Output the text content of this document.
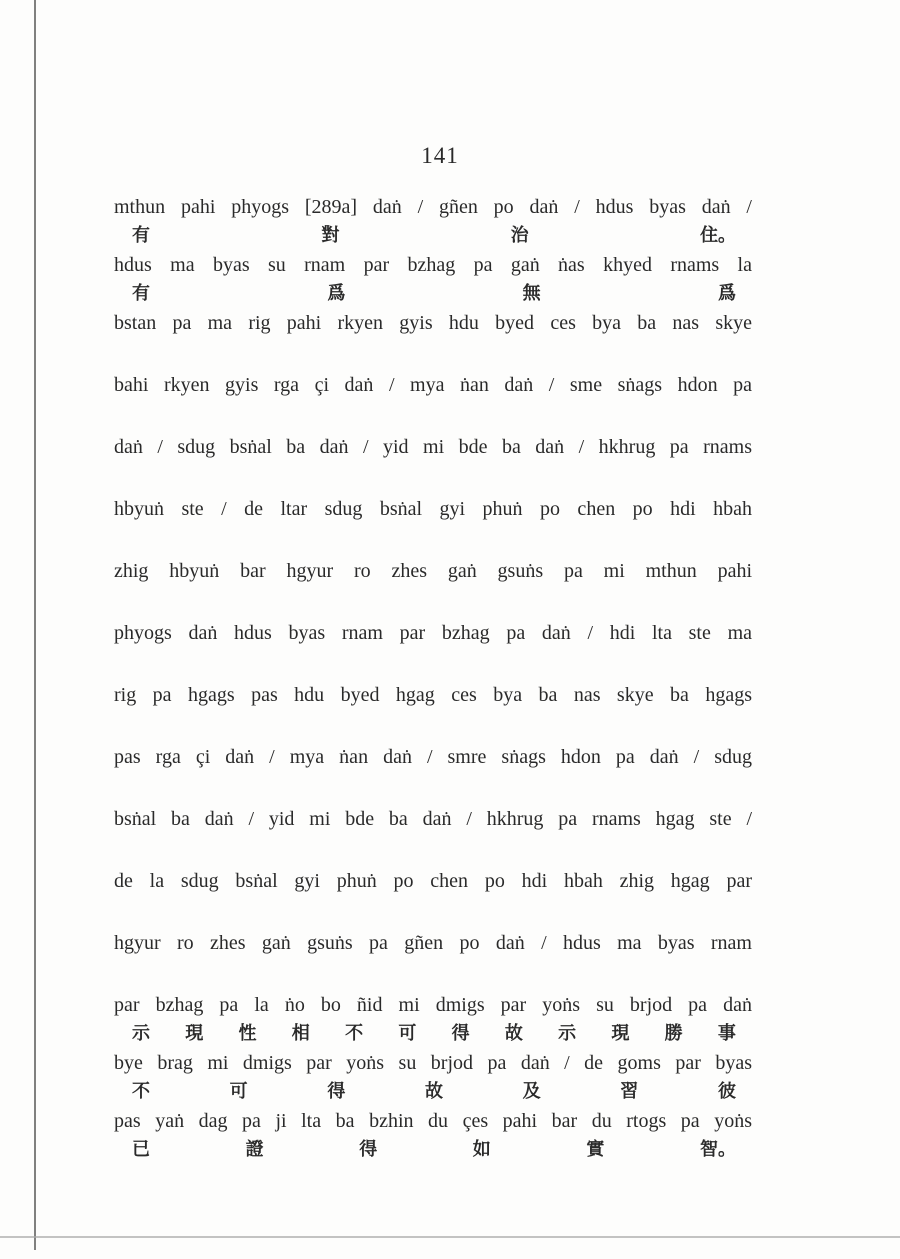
141
mthun pahi phyogs [289a] daṅ / gñen po daṅ / hdus byas daṅ /
有	對	治	住。
hdus ma byas su rnam par bzhag pa gaṅ ṅas khyed rnams la
有	爲	無	爲
bstan pa ma rig pahi rkyen gyis hdu byed ces bya ba nas skye
bahi rkyen gyis rga çi daṅ / mya ṅan daṅ / sme sṅags hdon pa
daṅ / sdug bsṅal ba daṅ / yid mi bde ba daṅ / hkhrug pa rnams
hbyuṅ ste / de ltar sdug bsṅal gyi phuṅ po chen po hdi hbah
zhig hbyuṅ bar hgyur ro zhes gaṅ gsuṅs pa mi mthun pahi
phyogs daṅ hdus byas rnam par bzhag pa daṅ / hdi lta ste ma
rig pa hgags pas hdu byed hgag ces bya ba nas skye ba hgags
pas rga çi daṅ / mya ṅan daṅ / smre sṅags hdon pa daṅ / sdug
bsṅal ba daṅ / yid mi bde ba daṅ / hkhrug pa rnams hgag ste /
de la sdug bsṅal gyi phuṅ po chen po hdi hbah zhig hgag par
hgyur ro zhes gaṅ gsuṅs pa gñen po daṅ / hdus ma byas rnam
par bzhag pa la ṅo bo ñid mi dmigs par yoṅs su brjod pa daṅ
示 現 性 相 不 可 得 故 示 現 勝 事
bye brag mi dmigs par yoṅs su brjod pa daṅ / de goms par byas
不	可	得	故	及	習	彼
pas yaṅ dag pa ji lta ba bzhin du çes pahi bar du rtogs pa yoṅs
已	證	得	如	實	智。
